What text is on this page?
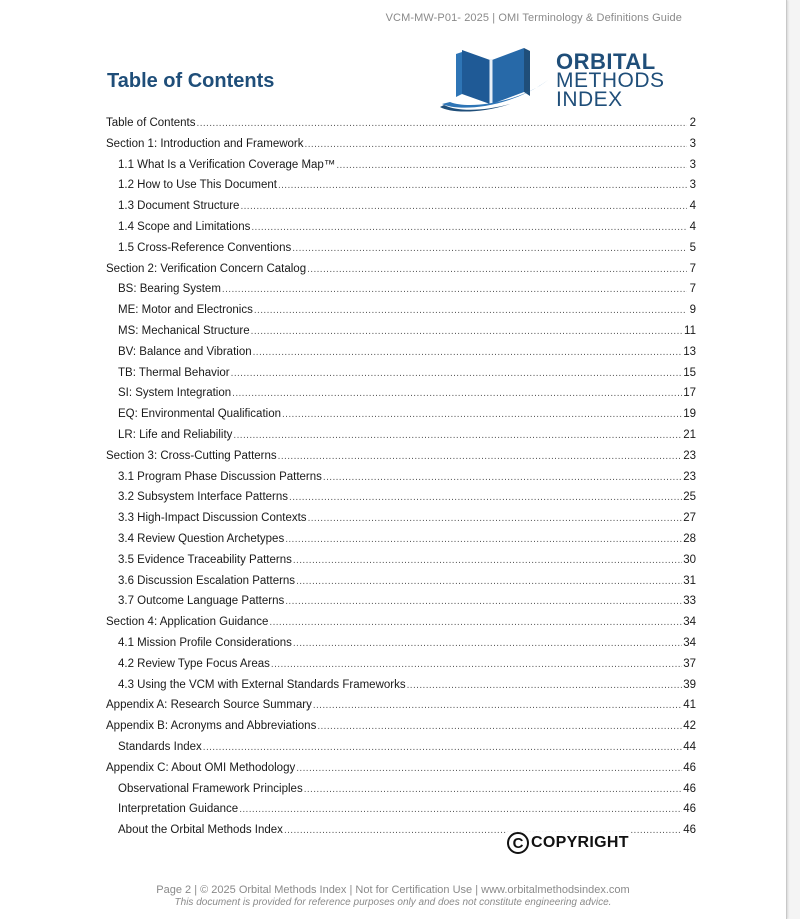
VCM-MW-P01- 2025 | OMI Terminology & Definitions Guide
Table of Contents
ORBITAL
METHODS
INDEX
Table of Contents .....	2
Section 1: Introduction and Framework .....	3
1.1 What Is a Verification Coverage Map™ .....	3
1.2 How to Use This Document .....	3
1.3 Document Structure .....	4
1.4 Scope and Limitations .....	4
1.5 Cross-Reference Conventions .....	5
Section 2: Verification Concern Catalog .....	7
BS: Bearing System .....	7
ME: Motor and Electronics .....	9
MS: Mechanical Structure .....	11
BV: Balance and Vibration .....	13
TB: Thermal Behavior .....	15
SI: System Integration .....	17
EQ: Environmental Qualification .....	19
LR: Life and Reliability .....	21
Section 3: Cross-Cutting Patterns .....	23
3.1 Program Phase Discussion Patterns .....	23
3.2 Subsystem Interface Patterns .....	25
3.3 High-Impact Discussion Contexts .....	27
3.4 Review Question Archetypes .....	28
3.5 Evidence Traceability Patterns .....	30
3.6 Discussion Escalation Patterns .....	31
3.7 Outcome Language Patterns .....	33
Section 4: Application Guidance .....	34
4.1 Mission Profile Considerations .....	34
4.2 Review Type Focus Areas .....	37
4.3 Using the VCM with External Standards Frameworks .....	39
Appendix A: Research Source Summary .....	41
Appendix B: Acronyms and Abbreviations .....	42
Standards Index .....	44
Appendix C: About OMI Methodology .....	46
Observational Framework Principles .....	46
Interpretation Guidance .....	46
About the Orbital Methods Index .....	46
C COPYRIGHT
Page 2 | © 2025 Orbital Methods Index | Not for Certification Use | www.orbitalmethodsindex.com
This document is provided for reference purposes only and does not constitute engineering advice.
